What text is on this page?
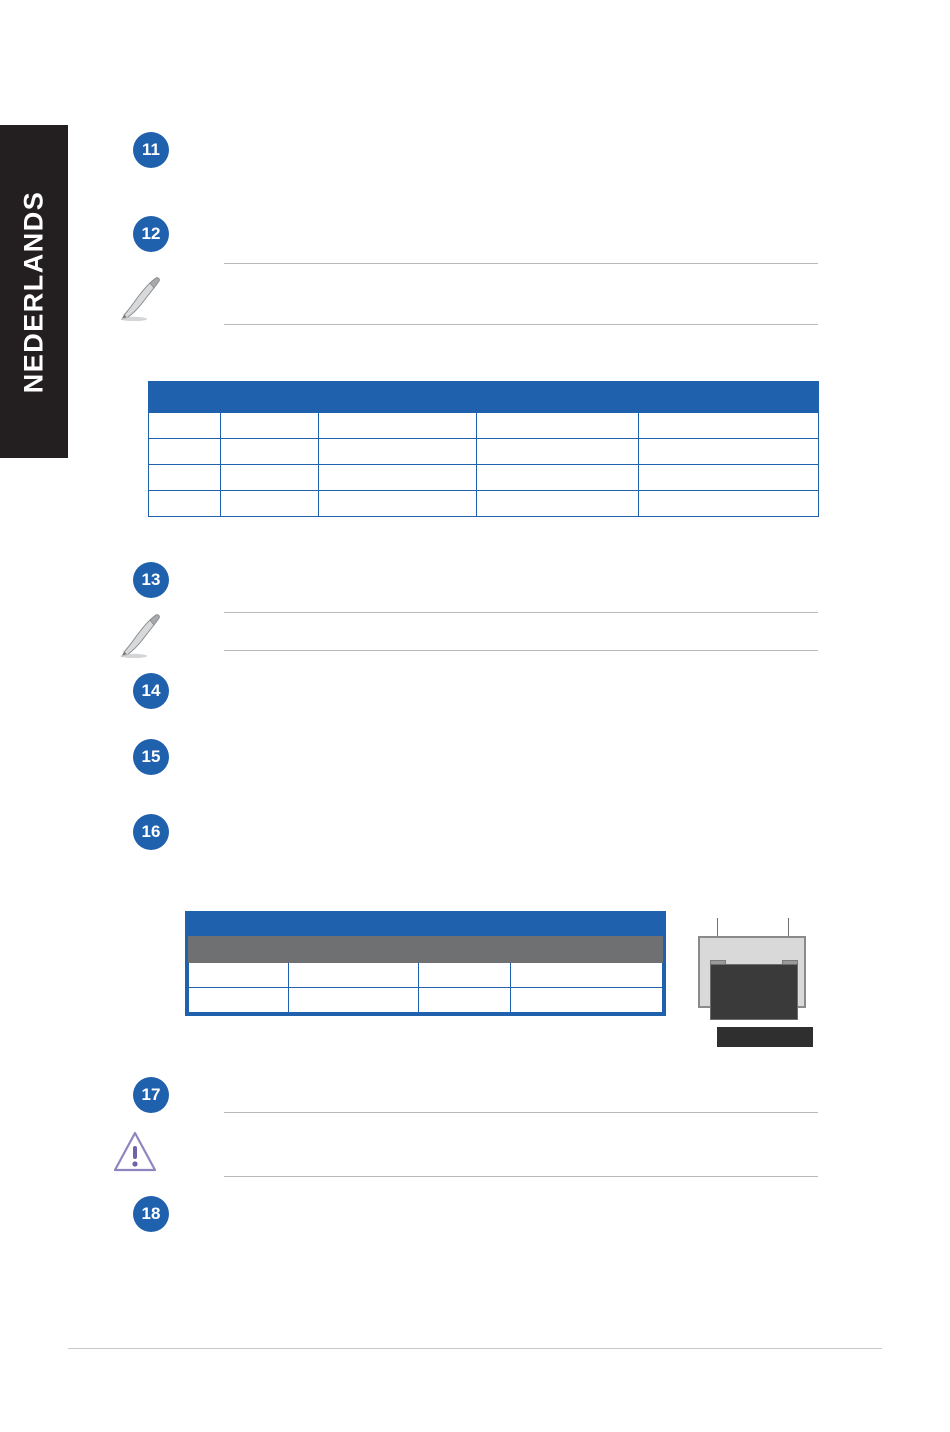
NEDERLANDS
11
12

13
14
15
16

17
18
